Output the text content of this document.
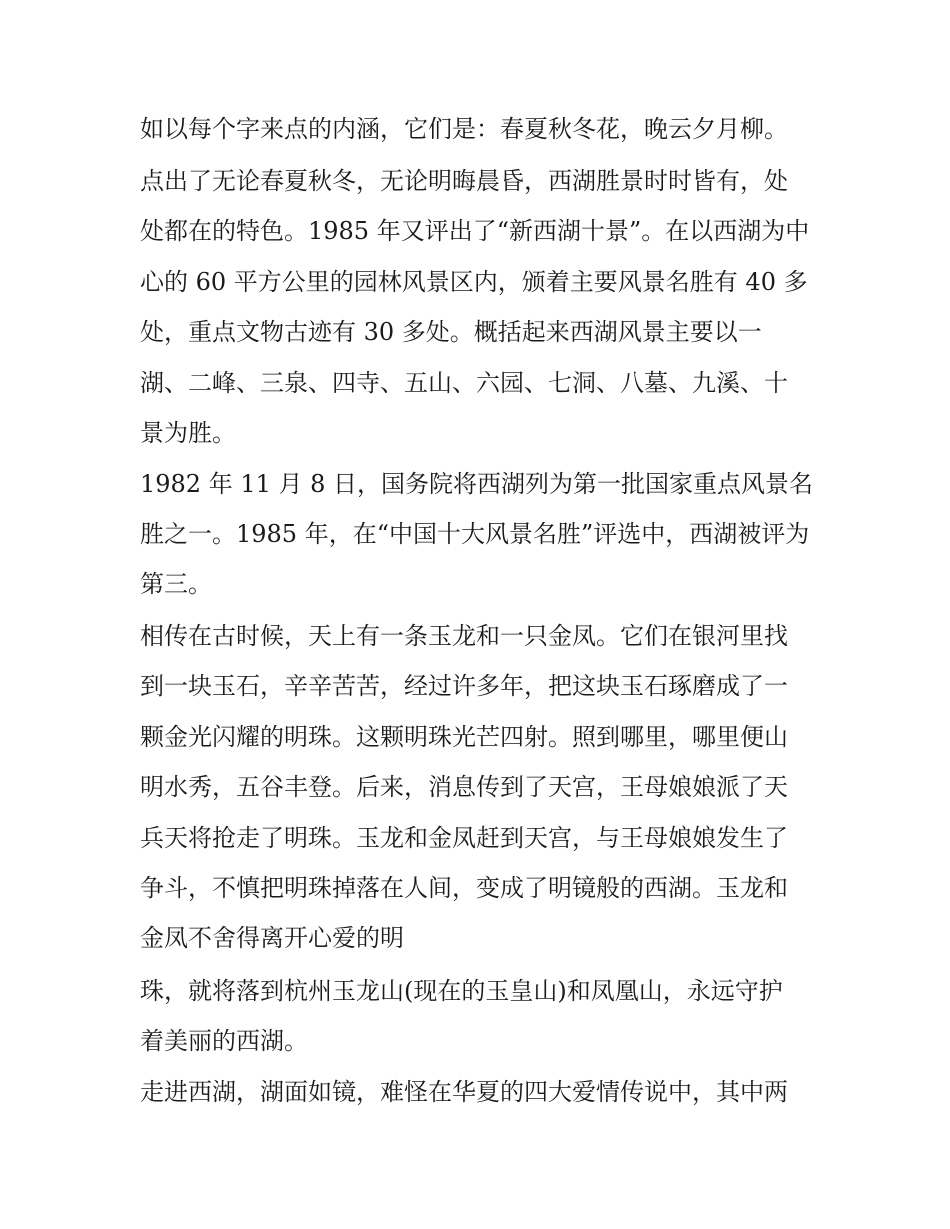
如以每个字来点的内涵，它们是：春夏秋冬花，晚云夕月柳。

点出了无论春夏秋冬，无论明晦晨昏，西湖胜景时时皆有，处

处都在的特色。1985 年又评出了“新西湖十景”。在以西湖为中

心的 60 平方公里的园林风景区内，颁着主要风景名胜有 40 多

处，重点文物古迹有 30 多处。概括起来西湖风景主要以一

湖、二峰、三泉、四寺、五山、六园、七洞、八墓、九溪、十

景为胜。

1982 年 11 月 8 日，国务院将西湖列为第一批国家重点风景名

胜之一。1985 年，在“中国十大风景名胜”评选中，西湖被评为

第三。

相传在古时候，天上有一条玉龙和一只金凤。它们在银河里找

到一块玉石，辛辛苦苦，经过许多年，把这块玉石琢磨成了一

颗金光闪耀的明珠。这颗明珠光芒四射。照到哪里，哪里便山

明水秀，五谷丰登。后来，消息传到了天宫，王母娘娘派了天

兵天将抢走了明珠。玉龙和金凤赶到天宫，与王母娘娘发生了

争斗，不慎把明珠掉落在人间，变成了明镜般的西湖。玉龙和

金凤不舍得离开心爱的明

珠，就将落到杭州玉龙山(现在的玉皇山)和凤凰山，永远守护

着美丽的西湖。

走进西湖，湖面如镜，难怪在华夏的四大爱情传说中，其中两
